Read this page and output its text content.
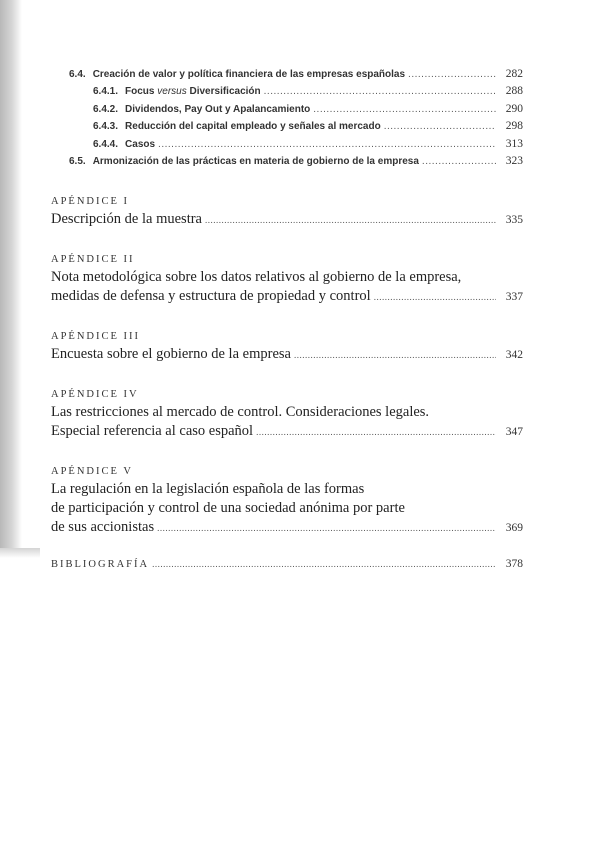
6.4. Creación de valor y política financiera de las empresas españolas .....	282
6.4.1. Focus versus Diversificación .....	288
6.4.2. Dividendos, Pay Out y Apalancamiento .....	290
6.4.3. Reducción del capital empleado y señales al mercado .....	298
6.4.4. Casos .....	313
6.5. Armonización de las prácticas en materia de gobierno de la empresa .....	323
APÉNDICE I
Descripción de la muestra .....	335
APÉNDICE II
Nota metodológica sobre los datos relativos al gobierno de la empresa,
medidas de defensa y estructura de propiedad y control .....	337
APÉNDICE III
Encuesta sobre el gobierno de la empresa .....	342
APÉNDICE IV
Las restricciones al mercado de control. Consideraciones legales.
Especial referencia al caso español .....	347
APÉNDICE V
La regulación en la legislación española de las formas
de participación y control de una sociedad anónima por parte
de sus accionistas .....	369
BIBLIOGRAFÍA .....	378
